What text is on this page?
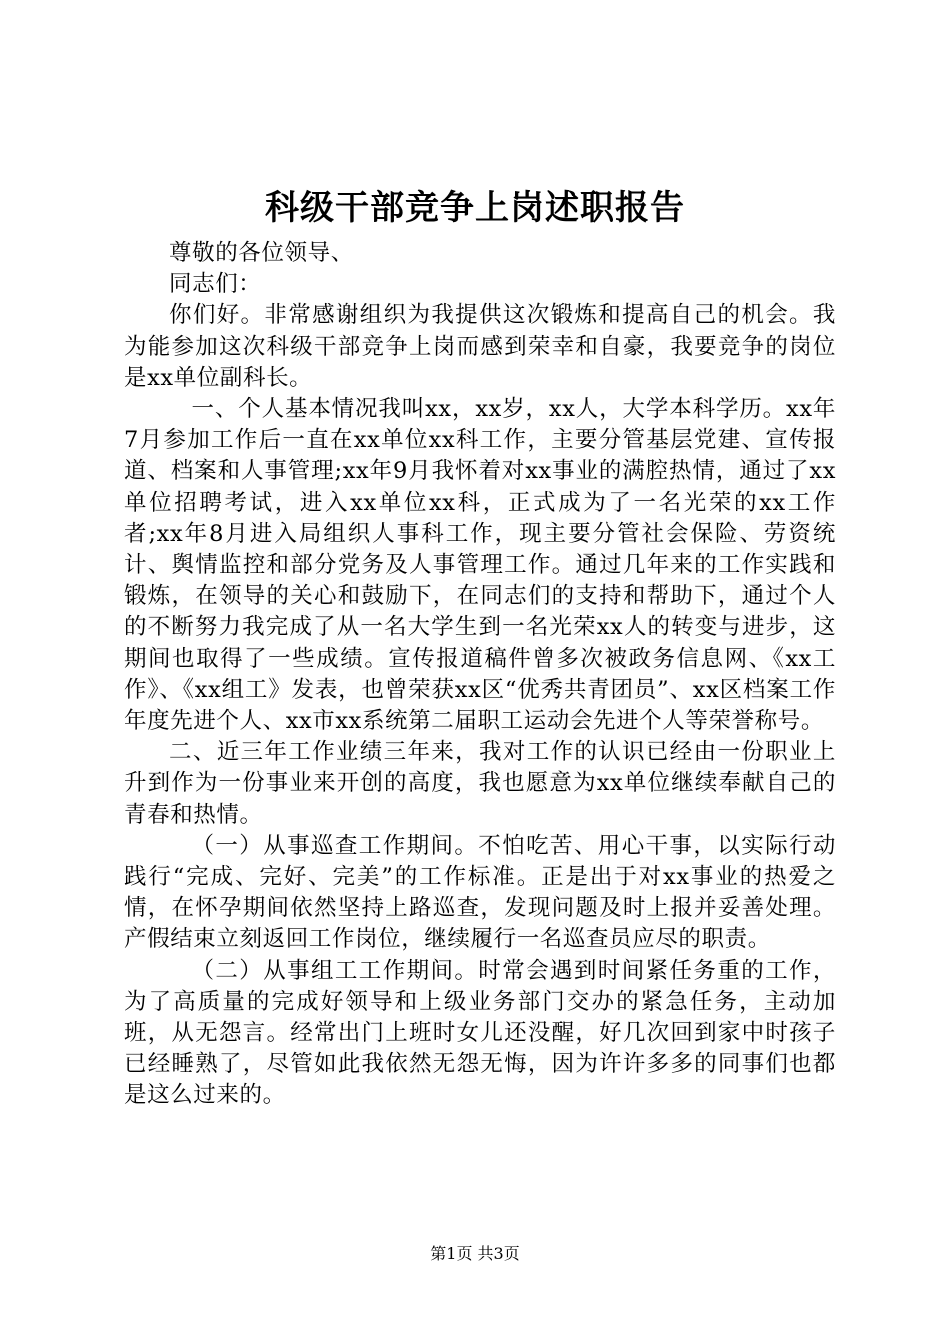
科级干部竞争上岗述职报告

尊敬的各位领导、

同志们：

你们好。非常感谢组织为我提供这次锻炼和提高自己的机会。我为能参加这次科级干部竞争上岗而感到荣幸和自豪，我要竞争的岗位是xx单位副科长。

一、个人基本情况我叫xx，xx岁，xx人，大学本科学历。xx年7月参加工作后一直在xx单位xx科工作，主要分管基层党建、宣传报道、档案和人事管理;xx年9月我怀着对xx事业的满腔热情，通过了xx单位招聘考试，进入xx单位xx科，正式成为了一名光荣的xx工作者;xx年8月进入局组织人事科工作，现主要分管社会保险、劳资统计、舆情监控和部分党务及人事管理工作。通过几年来的工作实践和锻炼，在领导的关心和鼓励下，在同志们的支持和帮助下，通过个人的不断努力我完成了从一名大学生到一名光荣xx人的转变与进步，这期间也取得了一些成绩。宣传报道稿件曾多次被政务信息网、《xx工作》、《xx组工》发表，也曾荣获xx区“优秀共青团员”、xx区档案工作年度先进个人、xx市xx系统第二届职工运动会先进个人等荣誉称号。

二、近三年工作业绩三年来，我对工作的认识已经由一份职业上升到作为一份事业来开创的高度，我也愿意为xx单位继续奉献自己的青春和热情。

（一）从事巡查工作期间。不怕吃苦、用心干事，以实际行动践行“完成、完好、完美”的工作标准。正是出于对xx事业的热爱之情，在怀孕期间依然坚持上路巡查，发现问题及时上报并妥善处理。产假结束立刻返回工作岗位，继续履行一名巡查员应尽的职责。

（二）从事组工工作期间。时常会遇到时间紧任务重的工作，为了高质量的完成好领导和上级业务部门交办的紧急任务，主动加班，从无怨言。经常出门上班时女儿还没醒，好几次回到家中时孩子已经睡熟了，尽管如此我依然无怨无悔，因为许许多多的同事们也都是这么过来的。

第1页 共3页
